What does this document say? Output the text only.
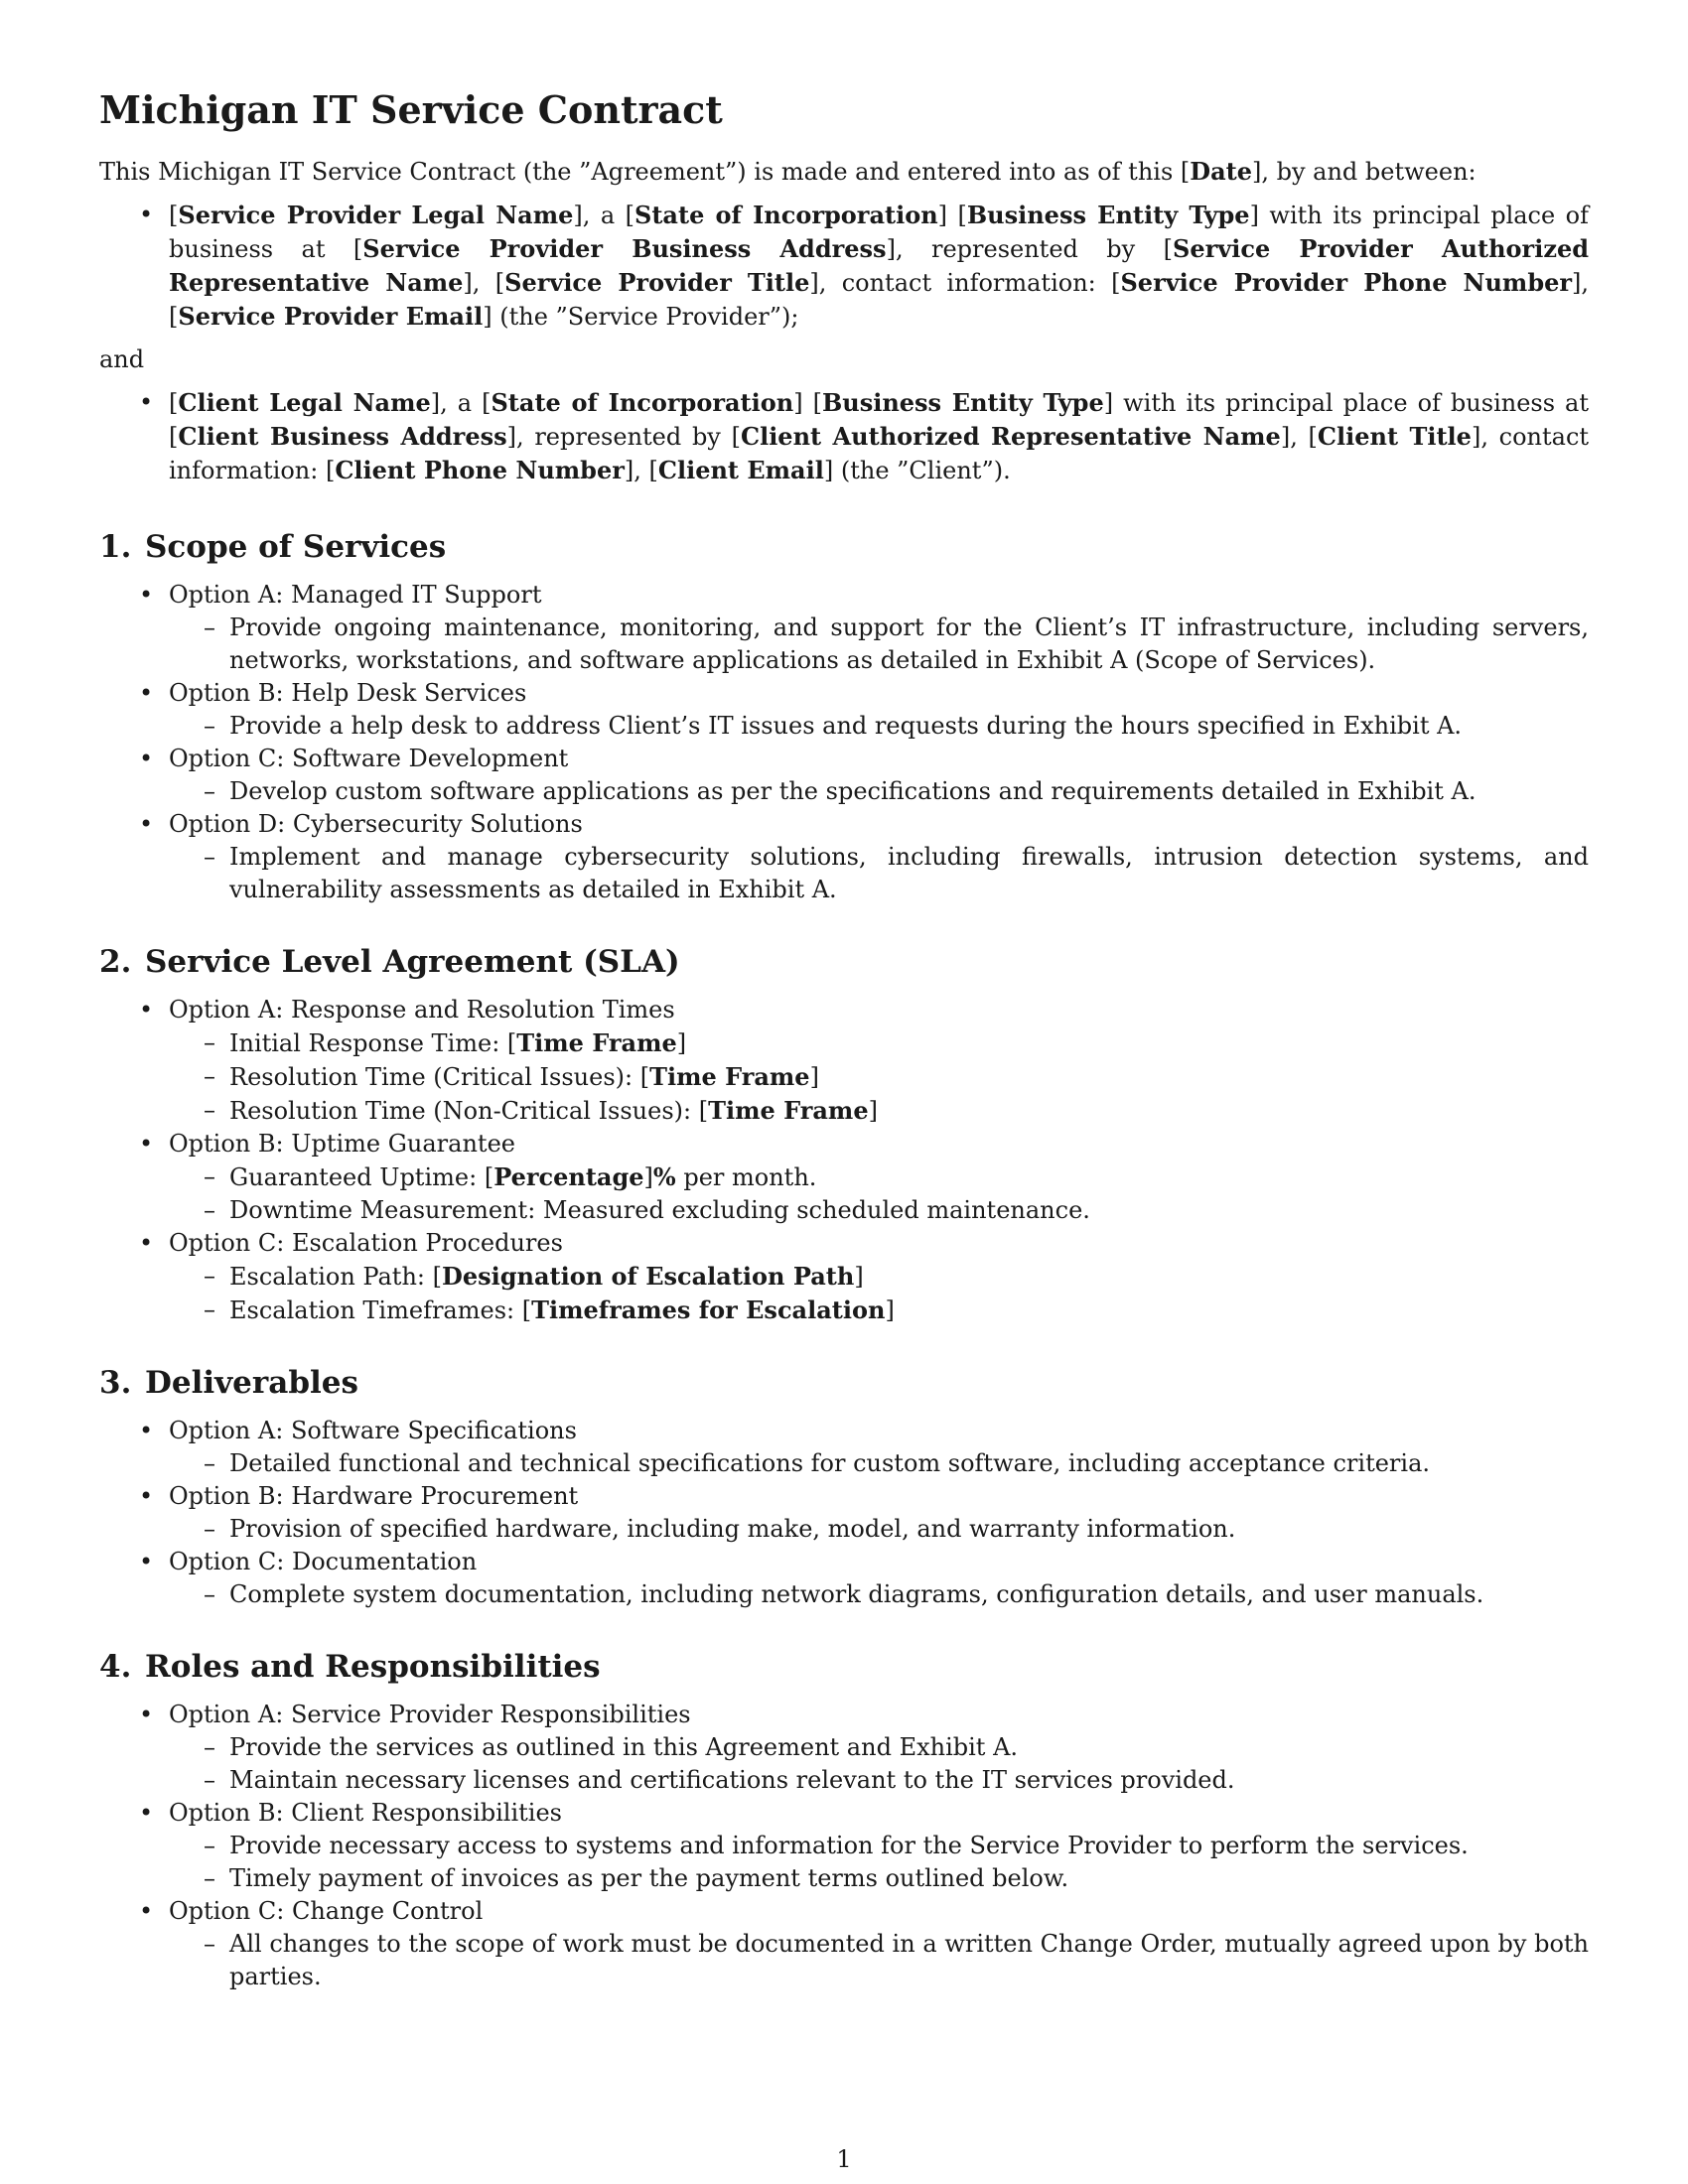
Michigan IT Service Contract

This Michigan IT Service Contract (the ”Agreement”) is made and entered into as of this [Date], by and between:

• [Service Provider Legal Name], a [State of Incorporation] [Business Entity Type] with its principal place of business at [Service Provider Business Address], represented by [Service Provider Authorized Representative Name], [Service Provider Title], contact information: [Service Provider Phone Number], [Service Provider Email] (the ”Service Provider”);

and

• [Client Legal Name], a [State of Incorporation] [Business Entity Type] with its principal place of business at [Client Business Address], represented by [Client Authorized Representative Name], [Client Title], contact information: [Client Phone Number], [Client Email] (the ”Client”).
1. Scope of Services
• Option A: Managed IT Support
– Provide ongoing maintenance, monitoring, and support for the Client’s IT infrastructure, including servers, networks, workstations, and software applications as detailed in Exhibit A (Scope of Services).
• Option B: Help Desk Services
– Provide a help desk to address Client’s IT issues and requests during the hours specified in Exhibit A.
• Option C: Software Development
– Develop custom software applications as per the specifications and requirements detailed in Exhibit A.
• Option D: Cybersecurity Solutions
– Implement and manage cybersecurity solutions, including firewalls, intrusion detection systems, and vulnerability assessments as detailed in Exhibit A.
2. Service Level Agreement (SLA)
• Option A: Response and Resolution Times
– Initial Response Time: [Time Frame]
– Resolution Time (Critical Issues): [Time Frame]
– Resolution Time (Non-Critical Issues): [Time Frame]
• Option B: Uptime Guarantee
– Guaranteed Uptime: [Percentage]% per month.
– Downtime Measurement: Measured excluding scheduled maintenance.
• Option C: Escalation Procedures
– Escalation Path: [Designation of Escalation Path]
– Escalation Timeframes: [Timeframes for Escalation]
3. Deliverables
• Option A: Software Specifications
– Detailed functional and technical specifications for custom software, including acceptance criteria.
• Option B: Hardware Procurement
– Provision of specified hardware, including make, model, and warranty information.
• Option C: Documentation
– Complete system documentation, including network diagrams, configuration details, and user manuals.
4. Roles and Responsibilities
• Option A: Service Provider Responsibilities
– Provide the services as outlined in this Agreement and Exhibit A.
– Maintain necessary licenses and certifications relevant to the IT services provided.
• Option B: Client Responsibilities
– Provide necessary access to systems and information for the Service Provider to perform the services.
– Timely payment of invoices as per the payment terms outlined below.
• Option C: Change Control
– All changes to the scope of work must be documented in a written Change Order, mutually agreed upon by both parties.
1
